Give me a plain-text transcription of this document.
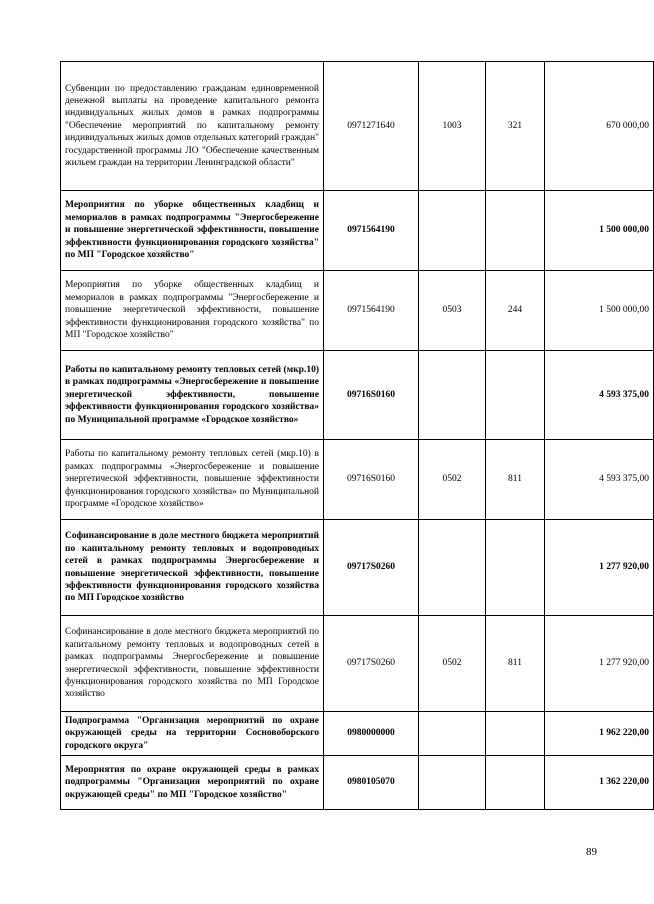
Субвенции по предоставлению гражданам единовременной денежной выплаты на проведение капитального ремонта индивидуальных жилых домов в рамках подпрограммы "Обеспечение мероприятий по капитальному ремонту индивидуальных жилых домов отдельных категорий граждан" государственной программы ЛО "Обеспечение качественным жильем граждан на территории Ленинградской области"	0971271640	1003	321	670 000,00
Мероприятия по уборке общественных кладбищ и мемориалов в рамках подпрограммы "Энергосбережение и повышение энергетической эффективности, повышение эффективности функционирования городского хозяйства" по МП "Городское хозяйство"	0971564190			1 500 000,00
Мероприятия по уборке общественных кладбищ и мемориалов в рамках подпрограммы "Энергосбережение и повышение энергетической эффективности, повышение эффективности функционирования городского хозяйства" по МП "Городское хозяйство"	0971564190	0503	244	1 500 000,00
Работы по капитальному ремонту тепловых сетей (мкр.10) в рамках подпрограммы «Энергосбережение и повышение энергетической эффективности, повышение эффективности функционирования городского хозяйства» по Муниципальной программе «Городское хозяйство»	09716S0160			4 593 375,00
Работы по капитальному ремонту тепловых сетей (мкр.10) в рамках подпрограммы «Энергосбережение и повышение энергетической эффективности, повышение эффективности функционирования городского хозяйства» по Муниципальной программе «Городское хозяйство»	09716S0160	0502	811	4 593 375,00
Софинансирование в доле местного бюджета мероприятий по капитальному ремонту тепловых и водопроводных сетей в рамках подпрограммы Энергосбережение и повышение энергетической эффективности, повышение эффективности функционирования городского хозяйства по МП Городское хозяйство	09717S0260			1 277 920,00
Софинансирование в доле местного бюджета мероприятий по капитальному ремонту тепловых и водопроводных сетей в рамках подпрограммы Энергосбережение и повышение энергетической эффективности, повышение эффективности функционирования городского хозяйства по МП Городское хозяйство	09717S0260	0502	811	1 277 920,00
Подпрограмма "Организация мероприятий по охране окружающей среды на территории Сосновоборского городского округа"	0980000000			1 962 220,00
Мероприятия по охране окружающей среды в рамках подпрограммы "Организация мероприятий по охране окружающей среды" по МП "Городское хозяйство"	0980105070			1 362 220,00
89
